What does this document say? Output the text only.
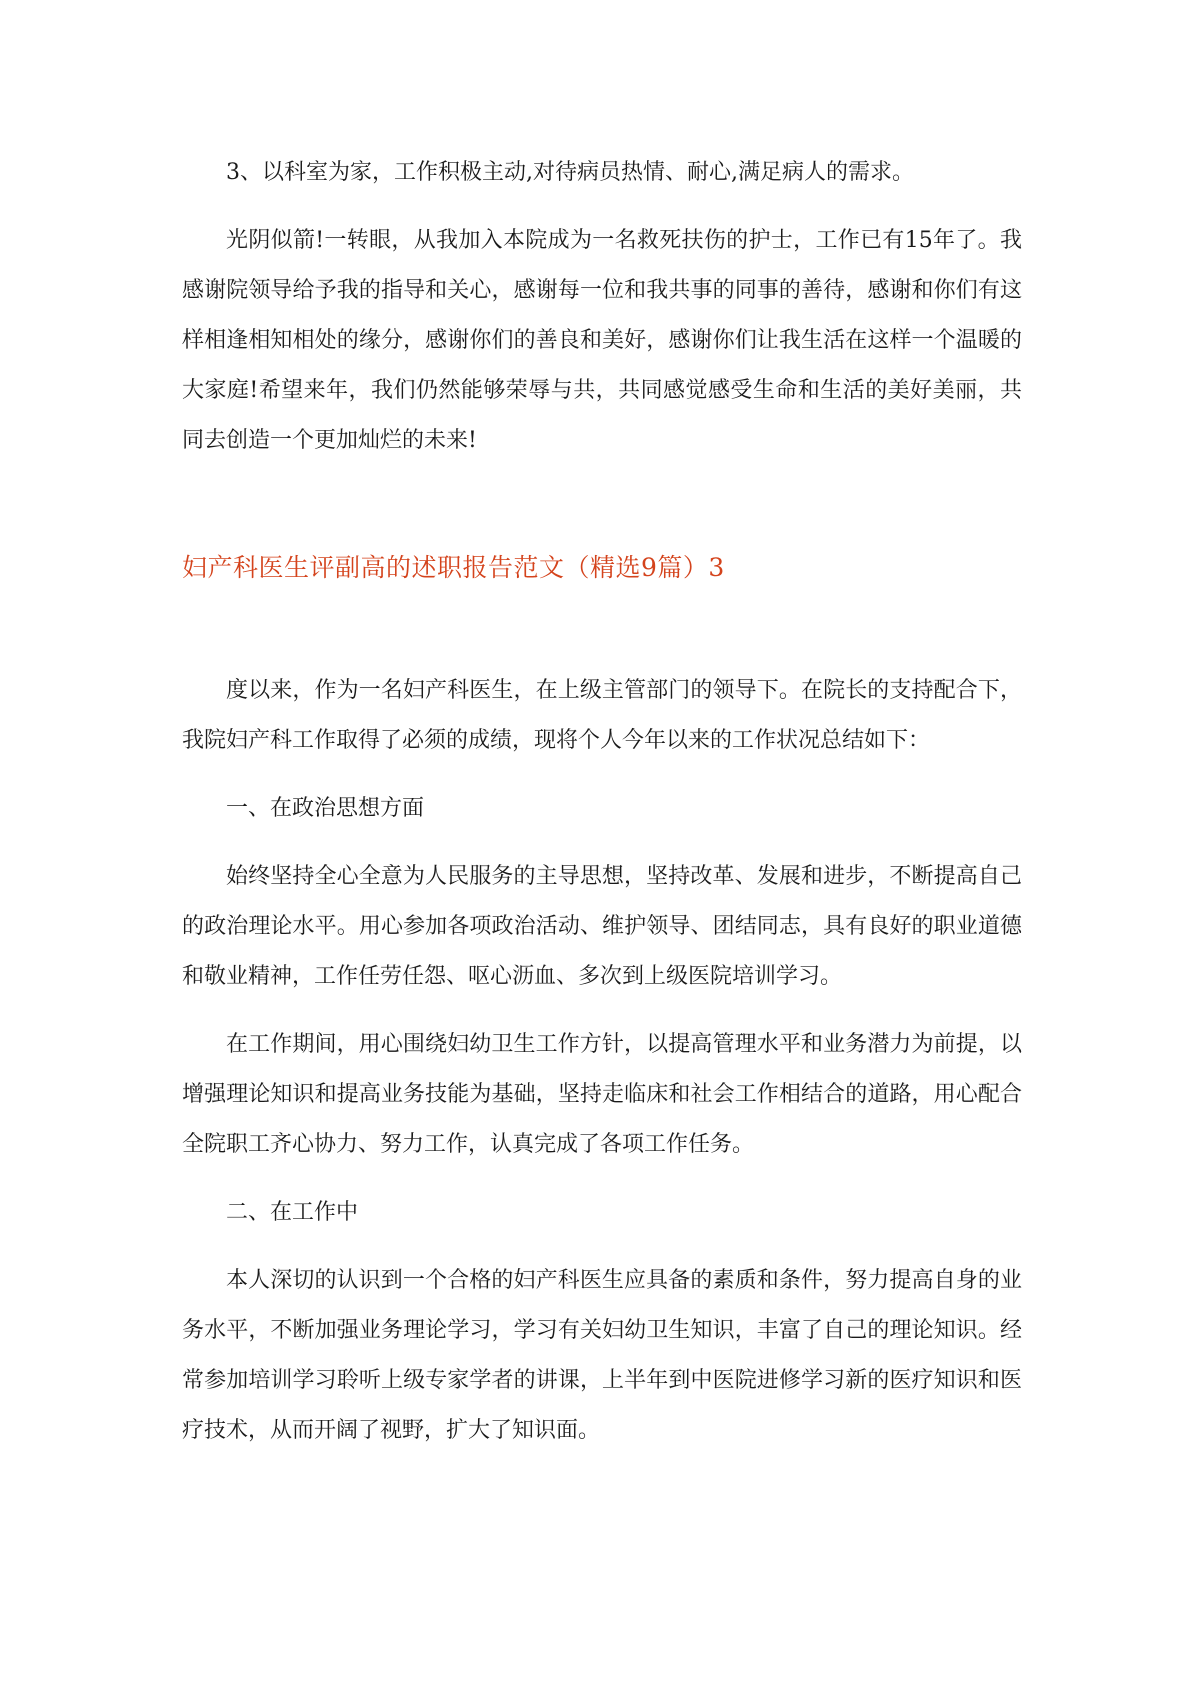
3、以科室为家，工作积极主动,对待病员热情、耐心,满足病人的需求。

光阴似箭!一转眼，从我加入本院成为一名救死扶伤的护士，工作已有15年了。我感谢院领导给予我的指导和关心，感谢每一位和我共事的同事的善待，感谢和你们有这样相逢相知相处的缘分，感谢你们的善良和美好，感谢你们让我生活在这样一个温暖的大家庭!希望来年，我们仍然能够荣辱与共，共同感觉感受生命和生活的美好美丽，共同去创造一个更加灿烂的未来!

妇产科医生评副高的述职报告范文（精选9篇）3

度以来，作为一名妇产科医生，在上级主管部门的领导下。在院长的支持配合下，我院妇产科工作取得了必须的成绩，现将个人今年以来的工作状况总结如下：

一、在政治思想方面

始终坚持全心全意为人民服务的主导思想，坚持改革、发展和进步，不断提高自己的政治理论水平。用心参加各项政治活动、维护领导、团结同志，具有良好的职业道德和敬业精神，工作任劳任怨、呕心沥血、多次到上级医院培训学习。

在工作期间，用心围绕妇幼卫生工作方针，以提高管理水平和业务潜力为前提，以增强理论知识和提高业务技能为基础，坚持走临床和社会工作相结合的道路，用心配合全院职工齐心协力、努力工作，认真完成了各项工作任务。

二、在工作中

本人深切的认识到一个合格的妇产科医生应具备的素质和条件，努力提高自身的业务水平，不断加强业务理论学习，学习有关妇幼卫生知识，丰富了自己的理论知识。经常参加培训学习聆听上级专家学者的讲课，上半年到中医院进修学习新的医疗知识和医疗技术，从而开阔了视野，扩大了知识面。
